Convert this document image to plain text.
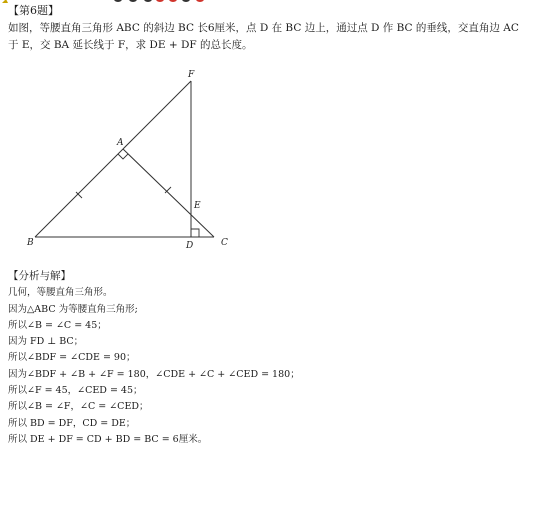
【第6题】

如图，等腰直角三角形 ABC 的斜边 BC 长6厘米，点 D 在 BC 边上，通过点 D 作 BC 的垂线，交直角边 AC

于 E，交 BA 延长线于 F，求 DE + DF 的总长度。

F
A
E
B	D	C

【分析与解】

几何，等腰直角三角形。

因为△ABC 为等腰直角三角形;

所以∠B = ∠C = 45；

因为 FD ⊥ BC；

所以∠BDF = ∠CDE = 90；

因为∠BDF + ∠B + ∠F = 180，∠CDE + ∠C + ∠CED = 180；

所以∠F = 45，∠CED = 45；

所以∠B = ∠F，∠C = ∠CED；

所以 BD = DF，CD = DE；

所以 DE + DF = CD + BD = BC = 6厘米。
